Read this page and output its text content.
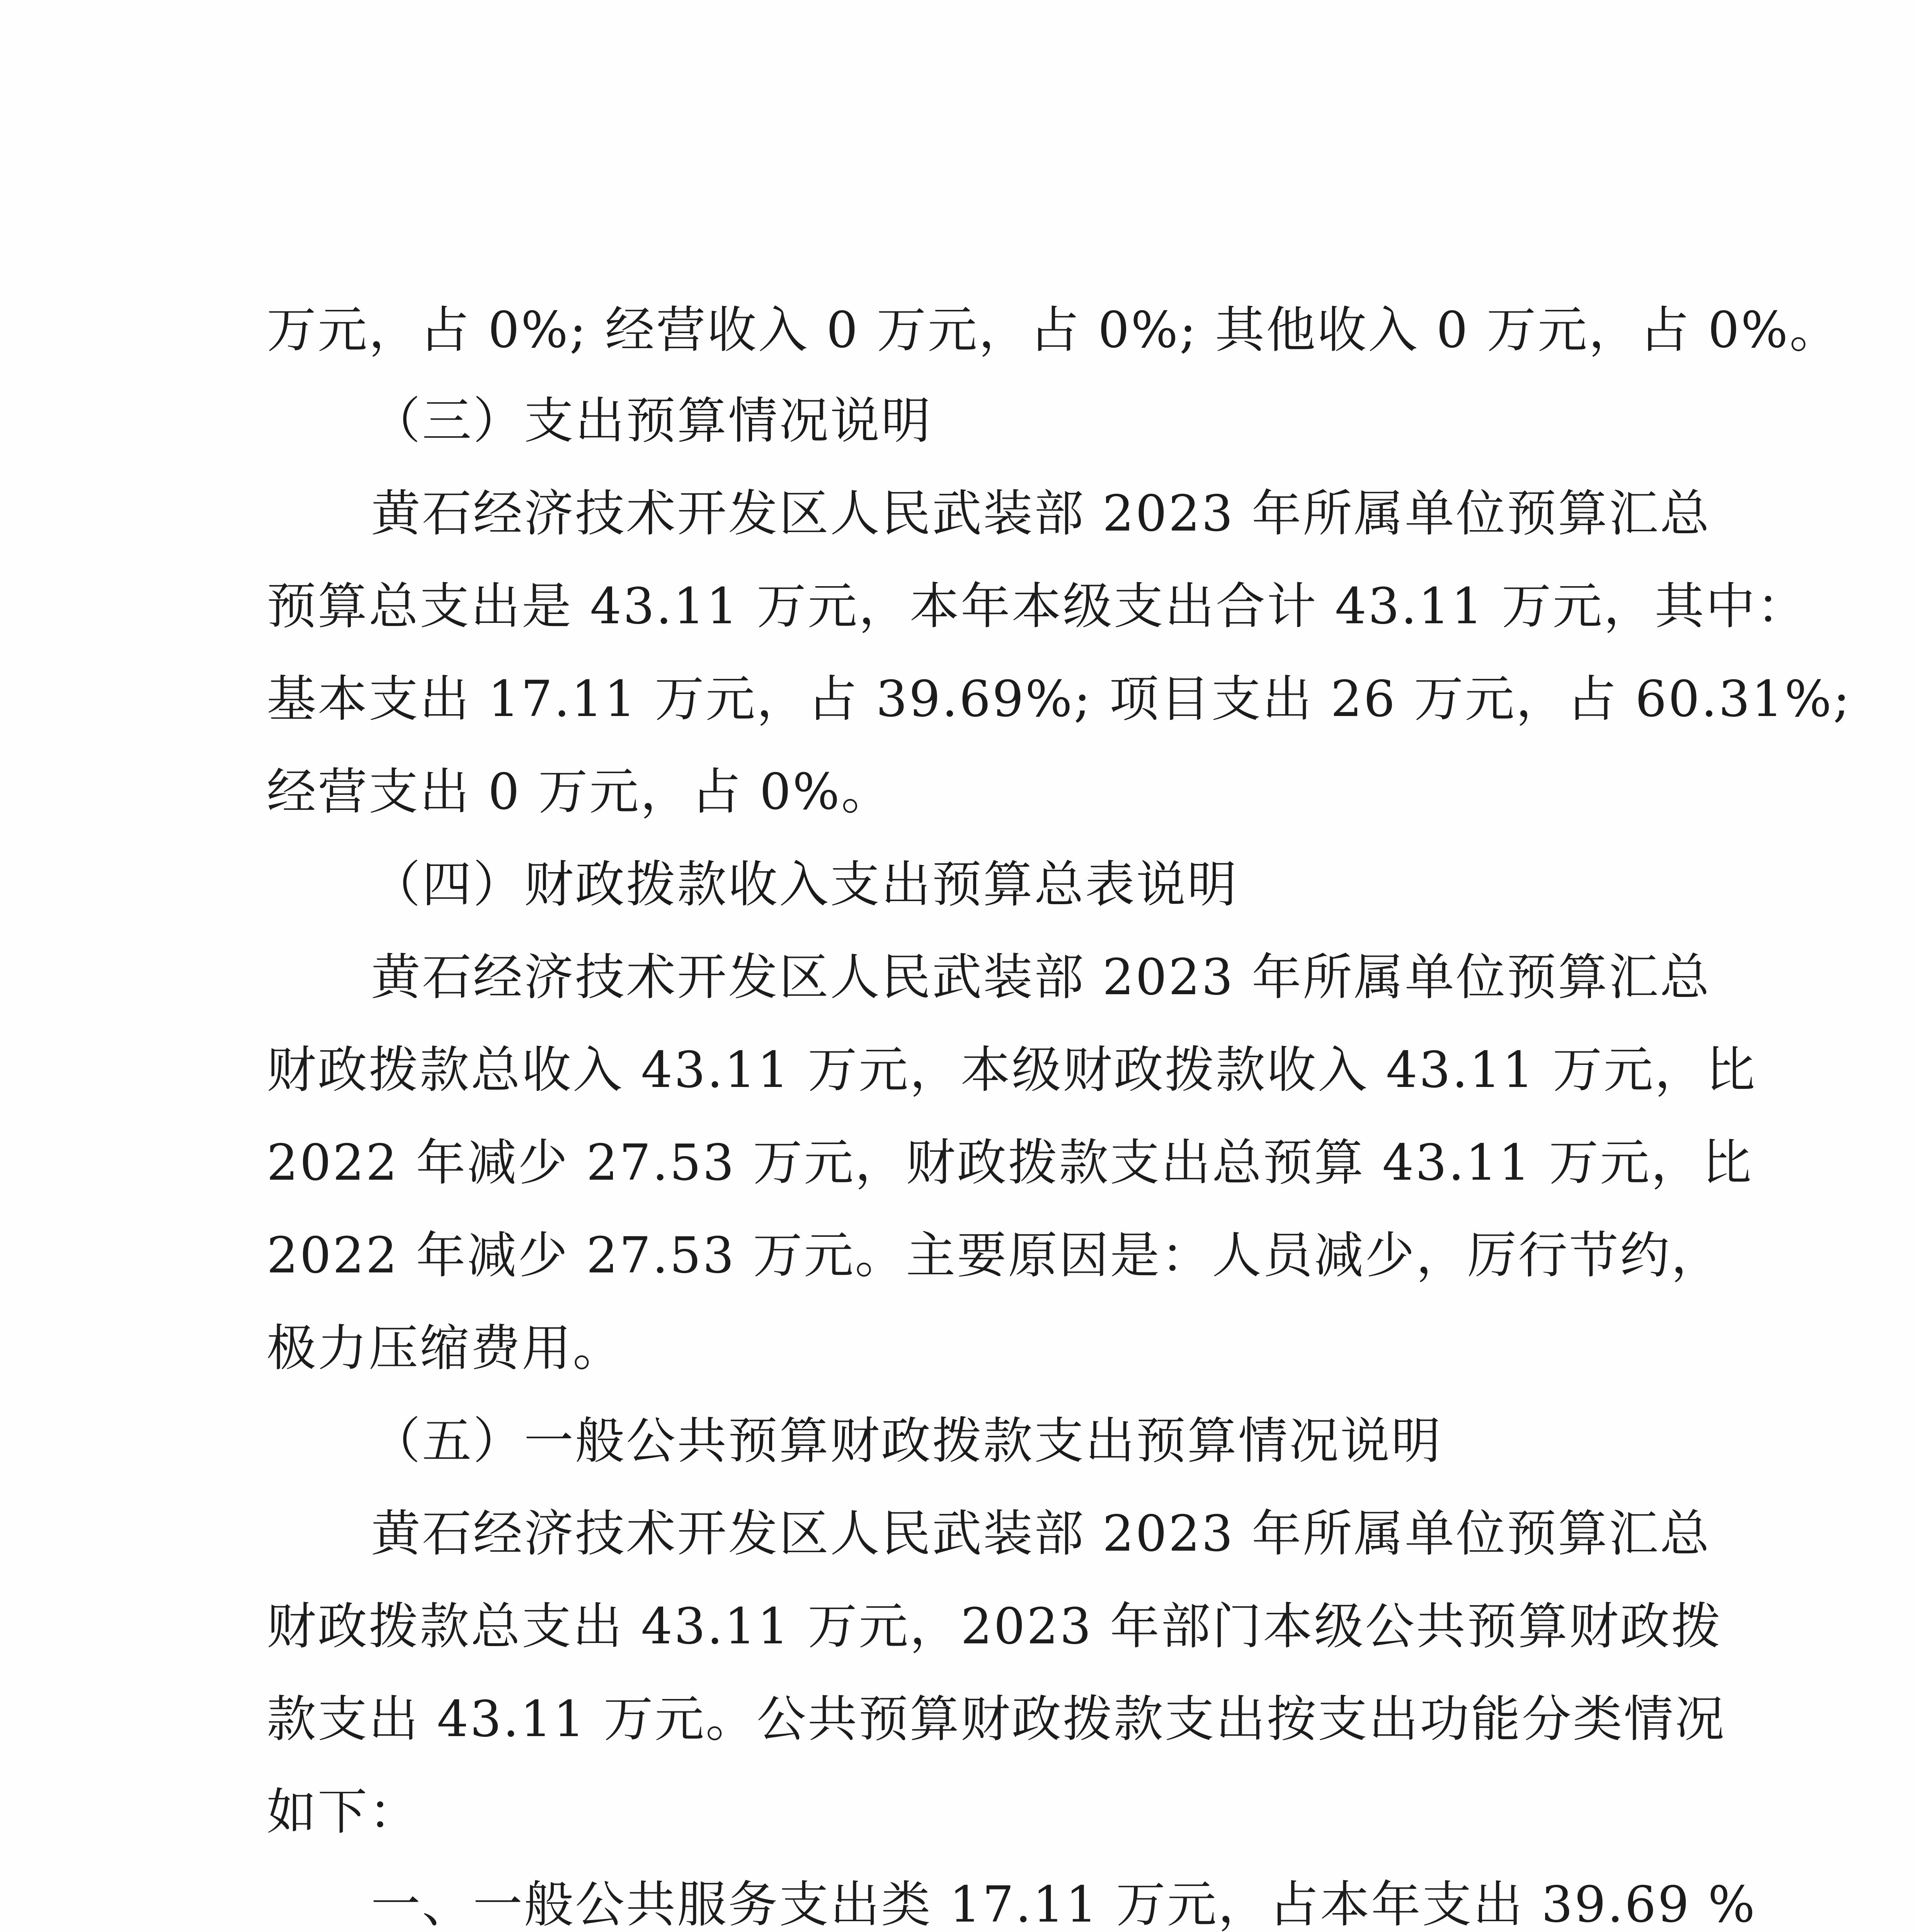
万元，占 0%; 经营收入 0 万元，占 0%; 其他收入 0 万元，占 0%。
（三）支出预算情况说明
黄石经济技术开发区人民武装部 2023 年所属单位预算汇总
预算总支出是 43.11 万元，本年本级支出合计 43.11 万元，其中：
基本支出 17.11 万元，占 39.69%; 项目支出 26 万元，占 60.31%;
经营支出 0 万元，占 0%。
（四）财政拨款收入支出预算总表说明
黄石经济技术开发区人民武装部 2023 年所属单位预算汇总
财政拨款总收入 43.11 万元，本级财政拨款收入 43.11 万元，比
2022 年减少 27.53 万元，财政拨款支出总预算 43.11 万元，比
2022 年减少 27.53 万元。主要原因是：人员减少，厉行节约，
极力压缩费用。
（五）一般公共预算财政拨款支出预算情况说明
黄石经济技术开发区人民武装部 2023 年所属单位预算汇总
财政拨款总支出 43.11 万元，2023 年部门本级公共预算财政拨
款支出 43.11 万元。公共预算财政拨款支出按支出功能分类情况
如下：
一、一般公共服务支出类 17.11 万元，占本年支出 39.69 %
